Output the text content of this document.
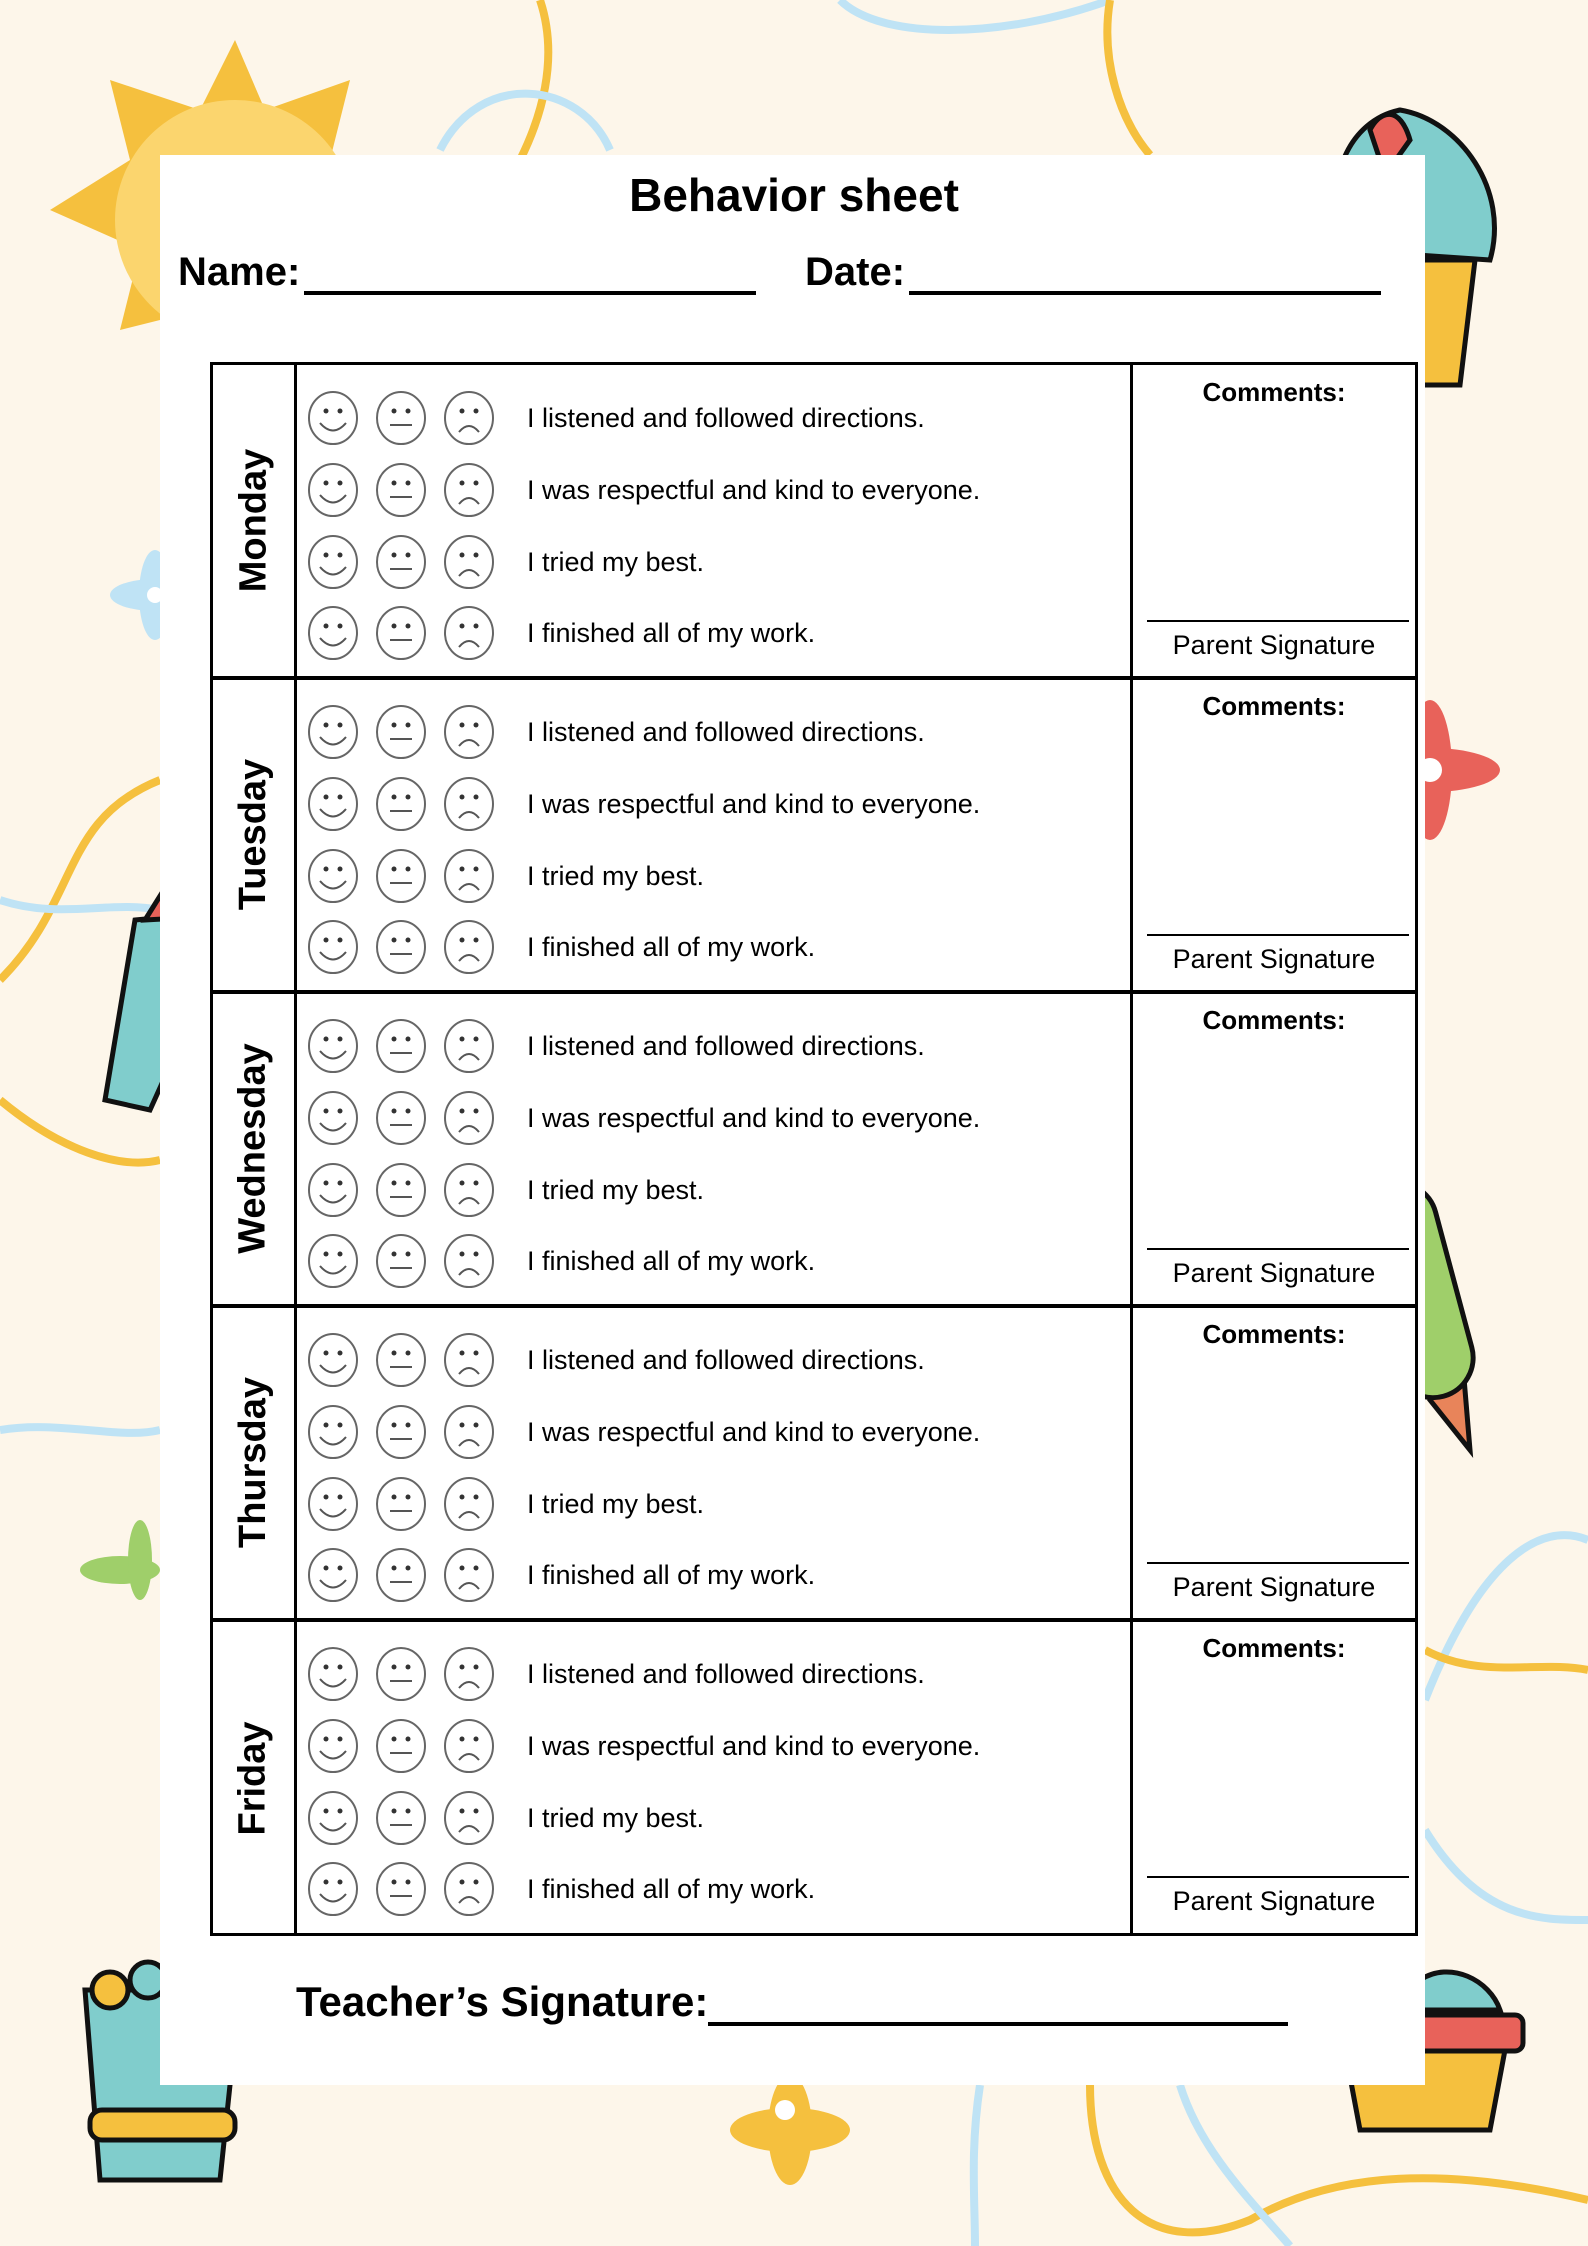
Behavior sheet
Name:	Date:
Monday
I listened and followed directions.
I was respectful and kind to everyone.
I tried my best.
I finished all of my work.
Comments:
Parent Signature
Tuesday
I listened and followed directions.
I was respectful and kind to everyone.
I tried my best.
I finished all of my work.
Comments:
Parent Signature
Wednesday	I listened and followed directions.
I was respectful and kind to everyone.
I tried my best.
I finished all of my work.
Comments:
Parent Signature
Thursday
I listened and followed directions.
I was respectful and kind to everyone.
I tried my best.
I finished all of my work.
Comments:
Parent Signature
Friday
I listened and followed directions.
I was respectful and kind to everyone.
I tried my best.
I finished all of my work.
Comments:
Parent Signature
Teacher’s Signature:
